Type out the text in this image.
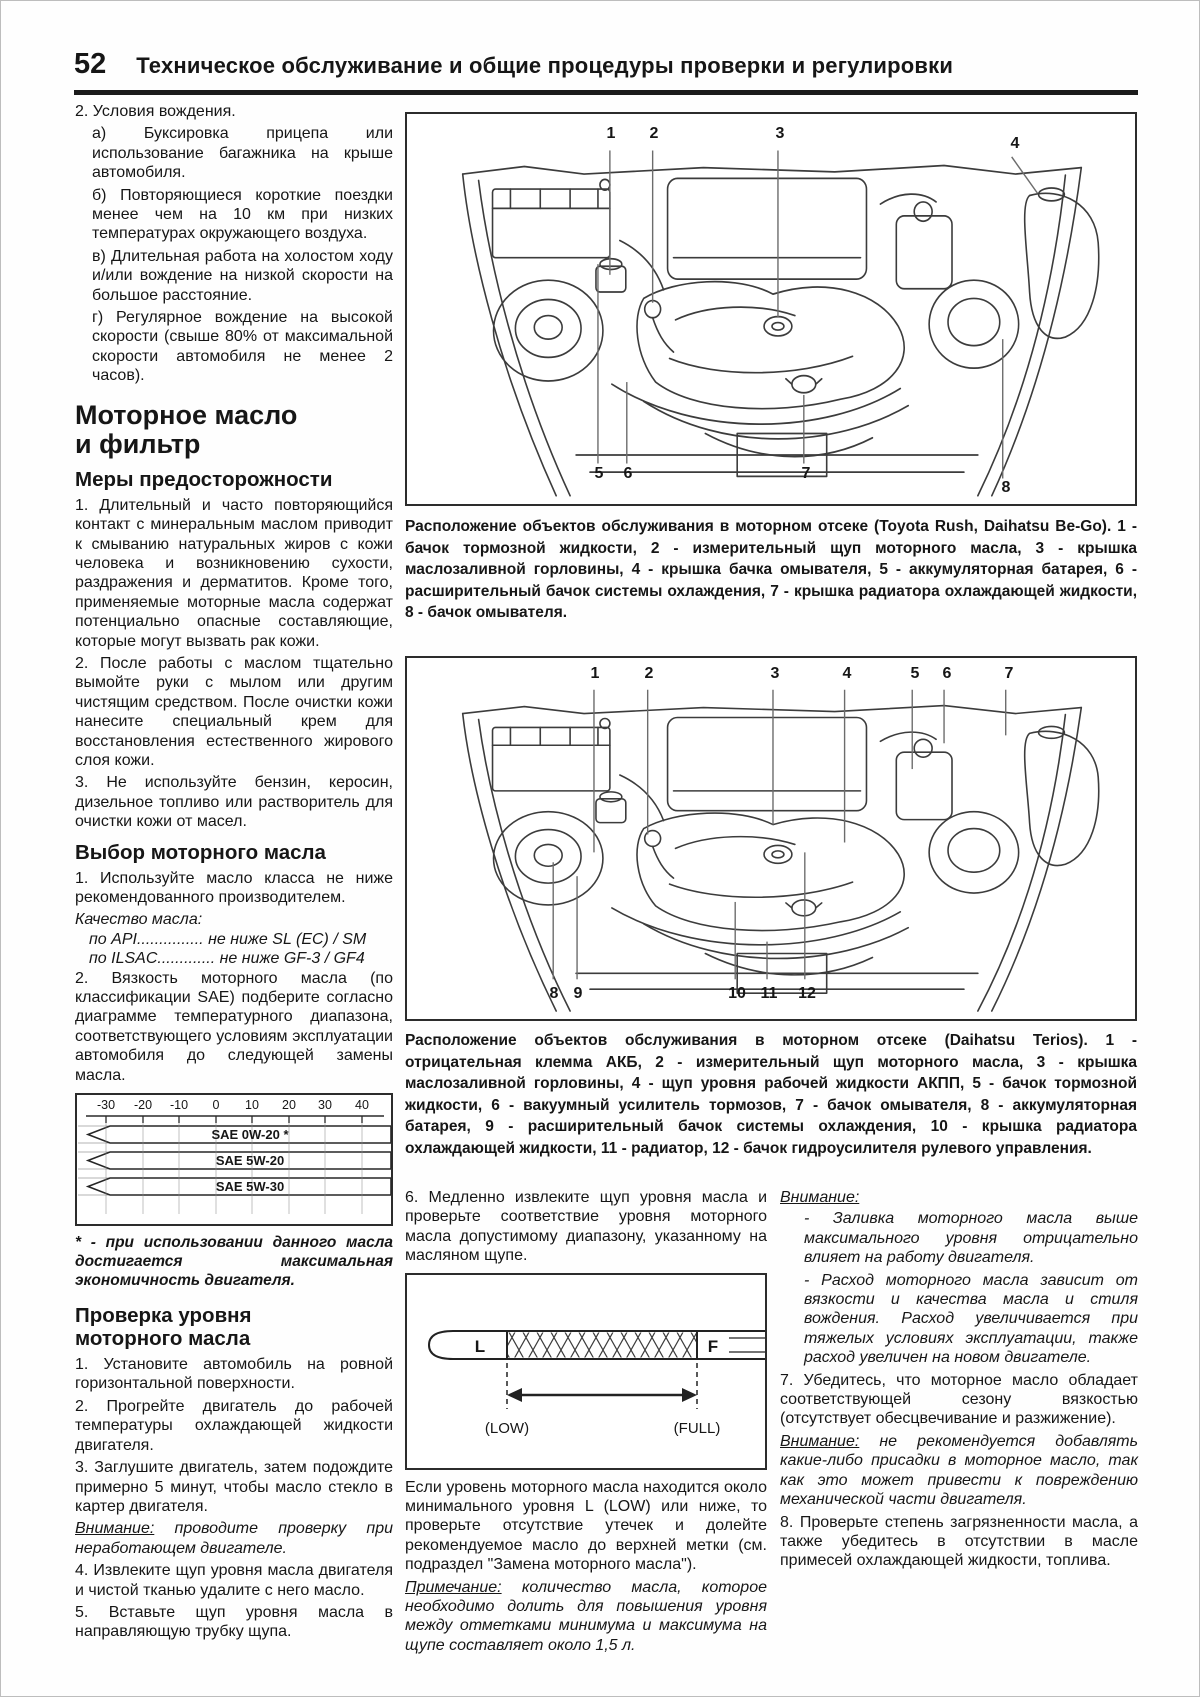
52 Техническое обслуживание и общие процедуры проверки и регулировки

2. Условия вождения.

а) Буксировка прицепа или использование багажника на крыше автомобиля.

б) Повторяющиеся короткие поездки менее чем на 10 км при низких температурах окружающего воздуха.

в) Длительная работа на холостом ходу и/или вождение на низкой скорости на большое расстояние.

г) Регулярное вождение на высокой скорости (свыше 80% от максимальной скорости автомобиля не менее 2 часов).

Моторное масло
и фильтр
Меры предосторожности

1. Длительный и часто повторяющийся контакт с минеральным маслом приводит к смыванию натуральных жиров с кожи человека и возникновению сухости, раздражения и дерматитов. Кроме того, применяемые моторные масла содержат потенциально опасные составляющие, которые могут вызвать рак кожи.

2. После работы с маслом тщательно вымойте руки с мылом или другим чистящим средством. После очистки кожи нанесите специальный крем для восстановления естественного жирового слоя кожи.

3. Не используйте бензин, керосин, дизельное топливо или растворитель для очистки кожи от масел.

Выбор моторного масла

1. Используйте масло класса не ниже рекомендованного производителем.

Качество масла:

по API............... не ниже SL (EC) / SM

по ILSAC............. не ниже GF-3 / GF4

2. Вязкость моторного масла (по классификации SAE) подберите согласно диаграмме температурного диапазона, соответствующего условиям эксплуатации автомобиля до следующей замены масла.

-30 -20 -10 0 10 20 30 40
SAE 0W-20 *
SAE 5W-20
SAE 5W-30

* - при использовании данного масла достигается максимальная экономичность двигателя.

Проверка уровня
моторного масла

1. Установите автомобиль на ровной горизонтальной поверхности.

2. Прогрейте двигатель до рабочей температуры охлаждающей жидкости двигателя.

3. Заглушите двигатель, затем подождите примерно 5 минут, чтобы масло стекло в картер двигателя.

Внимание: проводите проверку при неработающем двигателе.

4. Извлеките щуп уровня масла двигателя и чистой тканью удалите с него масло.

5. Вставьте щуп уровня масла в направляющую трубку щупа.

1 2	3
4
5 6	7
8
Расположение объектов обслуживания в моторном отсеке (Toyota Rush, Daihatsu Be-Go). 1 - бачок тормозной жидкости, 2 - измерительный щуп моторного масла, 3 - крышка маслозаливной горловины, 4 - крышка бачка омывателя, 5 - аккумуляторная батарея, 6 - расширительный бачок системы охлаждения, 7 - крышка радиатора охлаждающей жидкости, 8 - бачок омывателя.
1	2	3	4	5 6	7
8 9	10 11 12
Расположение объектов обслуживания в моторном отсеке (Daihatsu Terios). 1 - отрицательная клемма АКБ, 2 - измерительный щуп моторного масла, 3 - крышка маслозаливной горловины, 4 - щуп уровня рабочей жидкости АКПП, 5 - бачок тормозной жидкости, 6 - вакуумный усилитель тормозов, 7 - бачок омывателя, 8 - аккумуляторная батарея, 9 - расширительный бачок системы охлаждения, 10 - крышка радиатора охлаждающей жидкости, 11 - радиатор, 12 - бачок гидроусилителя рулевого управления.

6. Медленно извлеките щуп уровня масла и проверьте соответствие уровня моторного масла допустимому диапазону, указанному на масляном щупе.

L	F
(LOW)	(FULL)

Если уровень моторного масла находится около минимального уровня L (LOW) или ниже, то проверьте отсутствие утечек и долейте рекомендуемое масло до верхней метки (см. подраздел "Замена моторного масла").

Примечание: количество масла, которое необходимо долить для повышения уровня между отметками минимума и максимума на щупе составляет около 1,5 л.

Внимание:

- Заливка моторного масла выше максимального уровня отрицательно влияет на работу двигателя.

- Расход моторного масла зависит от вязкости и качества масла и стиля вождения. Расход увеличивается при тяжелых условиях эксплуатации, также расход увеличен на новом двигателе.

7. Убедитесь, что моторное масло обладает соответствующей сезону вязкостью (отсутствует обесцвечивание и разжижение).

Внимание: не рекомендуется добавлять какие-либо присадки в моторное масло, так как это может привести к повреждению механической части двигателя.

8. Проверьте степень загрязненности масла, а также убедитесь в отсутствии в масле примесей охлаждающей жидкости, топлива.
